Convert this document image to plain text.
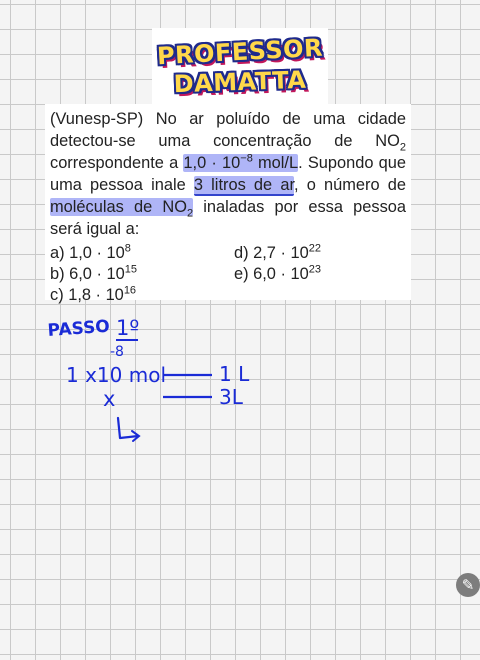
PROFESSOR
DAMATTA
(Vunesp-SP) No ar poluído de uma cidade detectou-se uma concentração de $NO_2$ correspondente a $1,0 \cdot 10^{-8}$ mol/L. Supondo que uma pessoa inale 3 litros de ar, o número de moléculas de $NO_2$ inaladas por essa pessoa será igual a:
a) $1,0 \cdot 10^8$
b) $6,0 \cdot 10^{15}$
c) $1,8 \cdot 10^{16}$
d) $2,7 \cdot 10^{22}$
e) $6,0 \cdot 10^{23}$
PASSO 1º
-8
1 x10 mol	1 L
x	3L
✎
